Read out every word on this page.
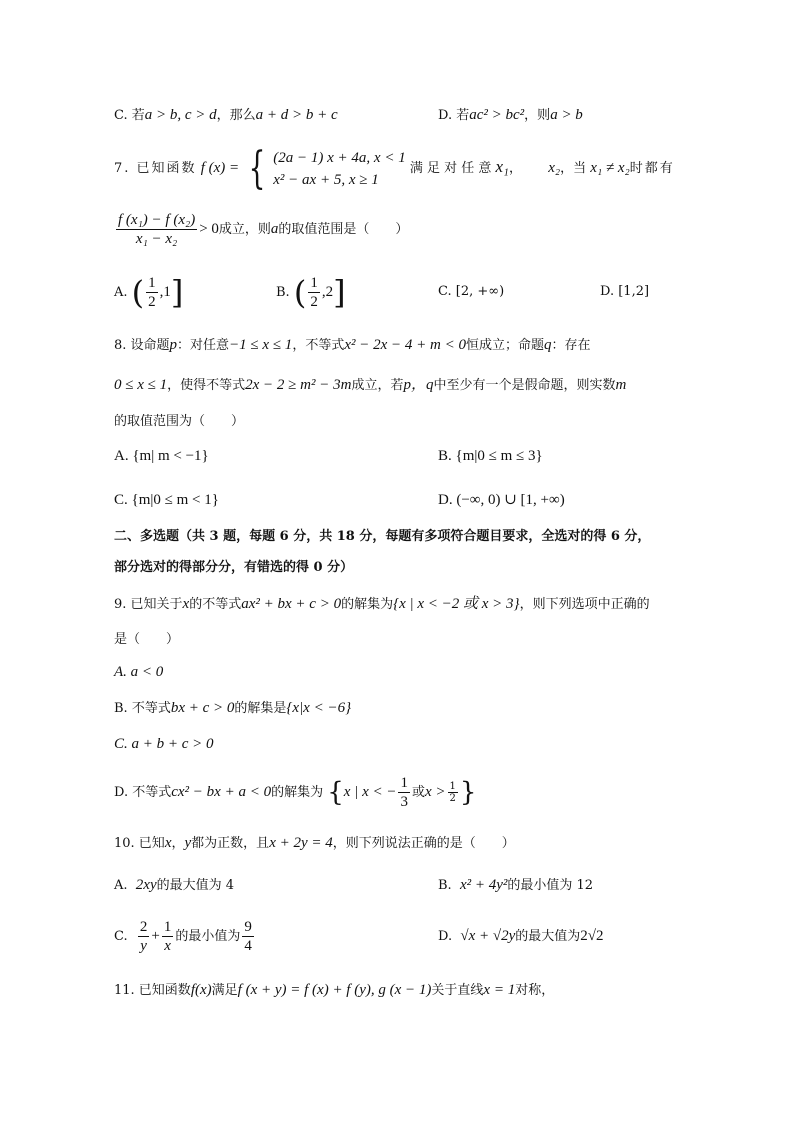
C. 若a > b, c > d，那么a + d > b + c	D. 若ac² > bc²，则a > b
7. 已知函数 f (x) = { (2a − 1) x + 4a, x < 1
x² − ax + 5, x ≥ 1
满 足 对 任 意 x₁， x₂，当 x₁ ≠ x₂时都有
$\frac{\text{f (x₁) − f (x₂)}}{\text{x₁ − x₂}} > 0$成立，则a的取值范围是（　　）
A. ( $\frac{1}{2} ,1$]	B. ( $\frac{1}{2} ,2$]	C. [2, +∞)	D. [1,2]
8. 设命题p：对任意−1 ≤ x ≤ 1，不等式x² − 2x − 4 + m < 0恒成立；命题q：存在
0 ≤ x ≤ 1，使得不等式2x − 2 ≥ m² − 3m成立，若p，q中至少有一个是假命题，则实数m
的取值范围为（　　）
A. {m| m < −1}	B. {m|0 ≤ m ≤ 3}
C. {m|0 ≤ m < 1}	D. (−∞, 0) ∪ [1, +∞)
二、多选题（共 3 题，每题 6 分，共 18 分，每题有多项符合题目要求，全选对的得 6 分，
部分选对的得部分分，有错选的得 0 分）
9. 已知关于x的不等式ax² + bx + c > 0的解集为{x | x < −2 或 x > 3}，则下列选项中正确的
是（　　）
A. a < 0
B. 不等式bx + c > 0的解集是{x|x < −6}
C. a + b + c > 0
D. 不等式cx² − bx + a < 0的解集为 {x | x < − $\frac{1}{3}$ 或$x > \frac{1}{2}$ }
10. 已知x，y都为正数，且x + 2y = 4，则下列说法正确的是（　　）
A. 2xy的最大值为 4	B. x² + 4y²的最小值为 12
C. $\frac{2}{y} + \frac{1}{x}$ 的最小值为 $\frac{9}{4}$	D. √x + √2y的最大值为2√2
11. 已知函数f(x)满足f (x + y) = f (x) + f (y), g (x − 1)关于直线x = 1对称，
